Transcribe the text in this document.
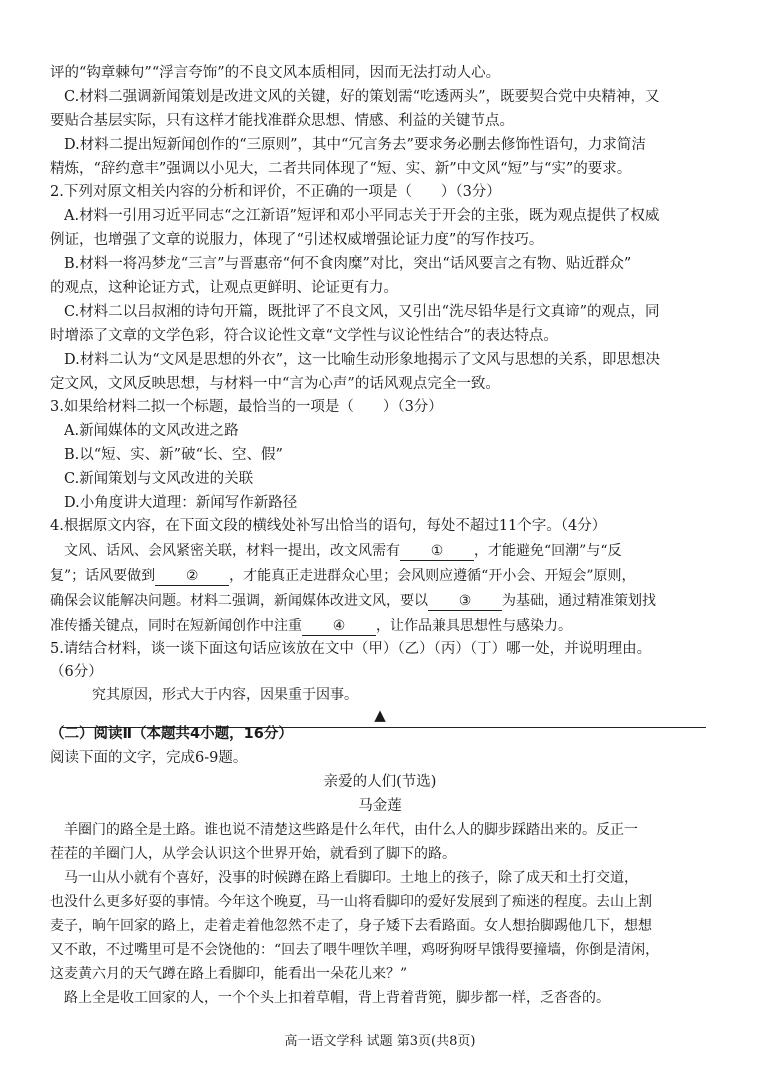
评的“钩章棘句”“浮言夸饰”的不良文风本质相同，因而无法打动人心。
C.材料二强调新闻策划是改进文风的关键，好的策划需“吃透两头”，既要契合党中央精神，又
要贴合基层实际，只有这样才能找准群众思想、情感、利益的关键节点。
D.材料二提出短新闻创作的“三原则”，其中“冗言务去”要求务必删去修饰性语句，力求简洁
精炼，“辞约意丰”强调以小见大，二者共同体现了“短、实、新”中文风“短”与“实”的要求。
2.下列对原文相关内容的分析和评价，不正确的一项是（　　）（3分）
A.材料一引用习近平同志“之江新语”短评和邓小平同志关于开会的主张，既为观点提供了权威
例证，也增强了文章的说服力，体现了“引述权威增强论证力度”的写作技巧。
B.材料一将冯梦龙“三言”与晋惠帝“何不食肉糜”对比，突出“话风要言之有物、贴近群众”
的观点，这种论证方式，让观点更鲜明、论证更有力。
C.材料二以吕叔湘的诗句开篇，既批评了不良文风，又引出“洗尽铅华是行文真谛”的观点，同
时增添了文章的文学色彩，符合议论性文章“文学性与议论性结合”的表达特点。
D.材料二认为“文风是思想的外衣”，这一比喻生动形象地揭示了文风与思想的关系，即思想决
定文风，文风反映思想，与材料一中“言为心声”的话风观点完全一致。
3.如果给材料二拟一个标题，最恰当的一项是（　　）（3分）
A.新闻媒体的文风改进之路
B.以“短、实、新”破“长、空、假”
C.新闻策划与文风改进的关联
D.小角度讲大道理：新闻写作新路径
4.根据原文内容，在下面文段的横线处补写出恰当的语句，每处不超过11个字。（4分）
文风、话风、会风紧密关联，材料一提出，改文风需有 ① ，才能避免“回潮”与“反
复”；话风要做到 ② ，才能真正走进群众心里；会风则应遵循“开小会、开短会”原则，
确保会议能解决问题。材料二强调，新闻媒体改进文风，要以 ③ 为基础，通过精准策划找
准传播关键点，同时在短新闻创作中注重 ④ ，让作品兼具思想性与感染力。
5.请结合材料，谈一谈下面这句话应该放在文中（甲）（乙）（丙）（丁）哪一处，并说明理由。
（6分）
▲
（二）阅读Ⅱ（本题共4小题，16分）
阅读下面的文字，完成6-9题。
亲爱的人们(节选)
马金莲
羊圈门的路全是土路。谁也说不清楚这些路是什么年代，由什么人的脚步踩踏出来的。反正一
茬茬的羊圈门人，从学会认识这个世界开始，就看到了脚下的路。
马一山从小就有个喜好，没事的时候蹲在路上看脚印。土地上的孩子，除了成天和土打交道，
也没什么更多好耍的事情。今年这个晚夏，马一山将看脚印的爱好发展到了痴迷的程度。去山上割
麦子，晌午回家的路上，走着走着他忽然不走了，身子矮下去看路面。女人想抬脚踢他几下，想想
又不敢，不过嘴里可是不会饶他的：“回去了喂牛哩饮羊哩，鸡呀狗呀早饿得要撞墙，你倒是清闲，
这麦黄六月的天气蹲在路上看脚印，能看出一朵花儿来？”
路上全是收工回家的人，一个个头上扣着草帽，背上背着背篼，脚步都一样，乏沓沓的。
高一语文学科 试题 第3页(共8页)
究其原因，形式大于内容，因果重于因事。
